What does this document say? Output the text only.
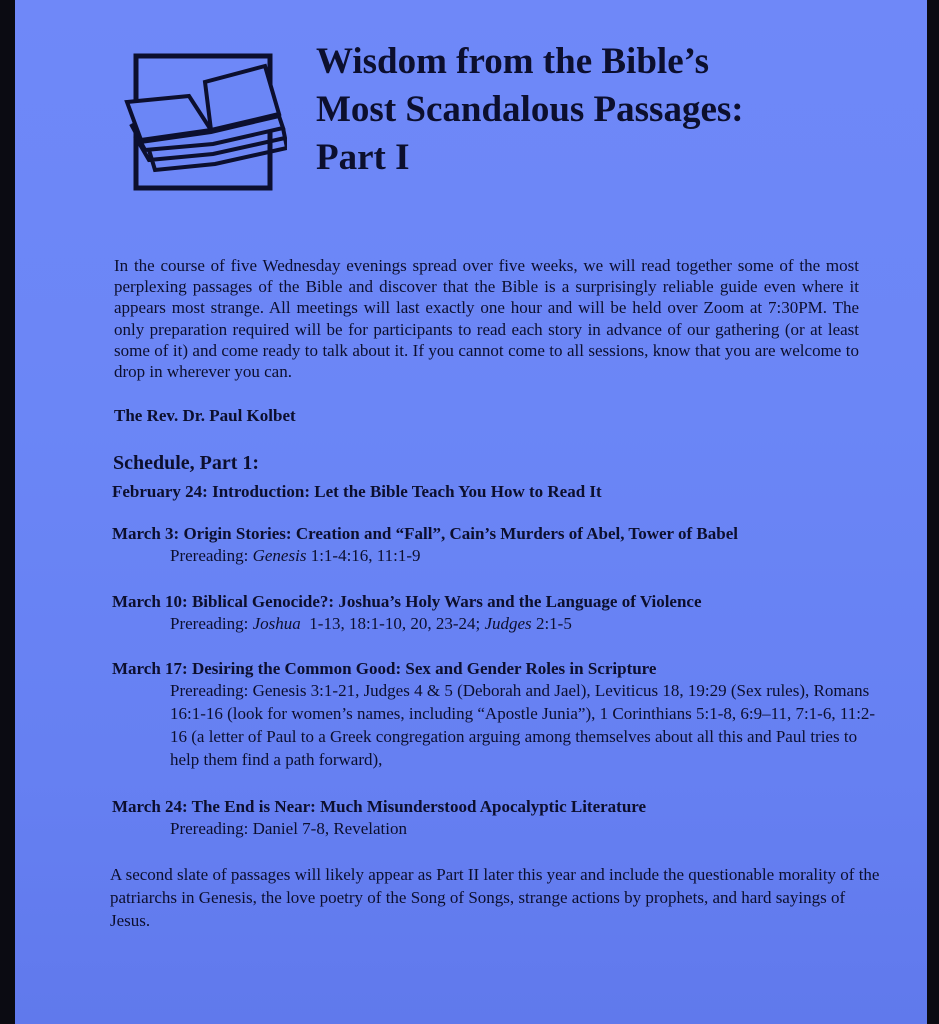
Wisdom from the Bible’s
Most Scandalous Passages:
Part I

In the course of five Wednesday evenings spread over five weeks, we will read together some of the most perplexing passages of the Bible and discover that the Bible is a surprisingly reliable guide even where it appears most strange. All meetings will last exactly one hour and will be held over Zoom at 7:30PM. The only preparation required will be for participants to read each story in advance of our gathering (or at least some of it) and come ready to talk about it. If you cannot come to all sessions, know that you are welcome to drop in wherever you can.

The Rev. Dr. Paul Kolbet

Schedule, Part 1:

February 24: Introduction: Let the Bible Teach You How to Read It
March 3: Origin Stories: Creation and “Fall”, Cain’s Murders of Abel, Tower of Babel
Prereading: Genesis 1:1-4:16, 11:1-9
March 10: Biblical Genocide?: Joshua’s Holy Wars and the Language of Violence
Prereading: Joshua  1-13, 18:1-10, 20, 23-24; Judges 2:1-5
March 17: Desiring the Common Good: Sex and Gender Roles in Scripture
Prereading: Genesis 3:1-21, Judges 4 & 5 (Deborah and Jael), Leviticus 18, 19:29 (Sex rules), Romans 16:1-16 (look for women’s names, including “Apostle Junia”), 1 Corinthians 5:1-8, 6:9–11, 7:1-6, 11:2-16 (a letter of Paul to a Greek congregation arguing among themselves about all this and Paul tries to help them find a path forward),
March 24: The End is Near: Much Misunderstood Apocalyptic Literature
Prereading: Daniel 7-8, Revelation

A second slate of passages will likely appear as Part II later this year and include the questionable morality of the patriarchs in Genesis, the love poetry of the Song of Songs, strange actions by prophets, and hard sayings of Jesus.
